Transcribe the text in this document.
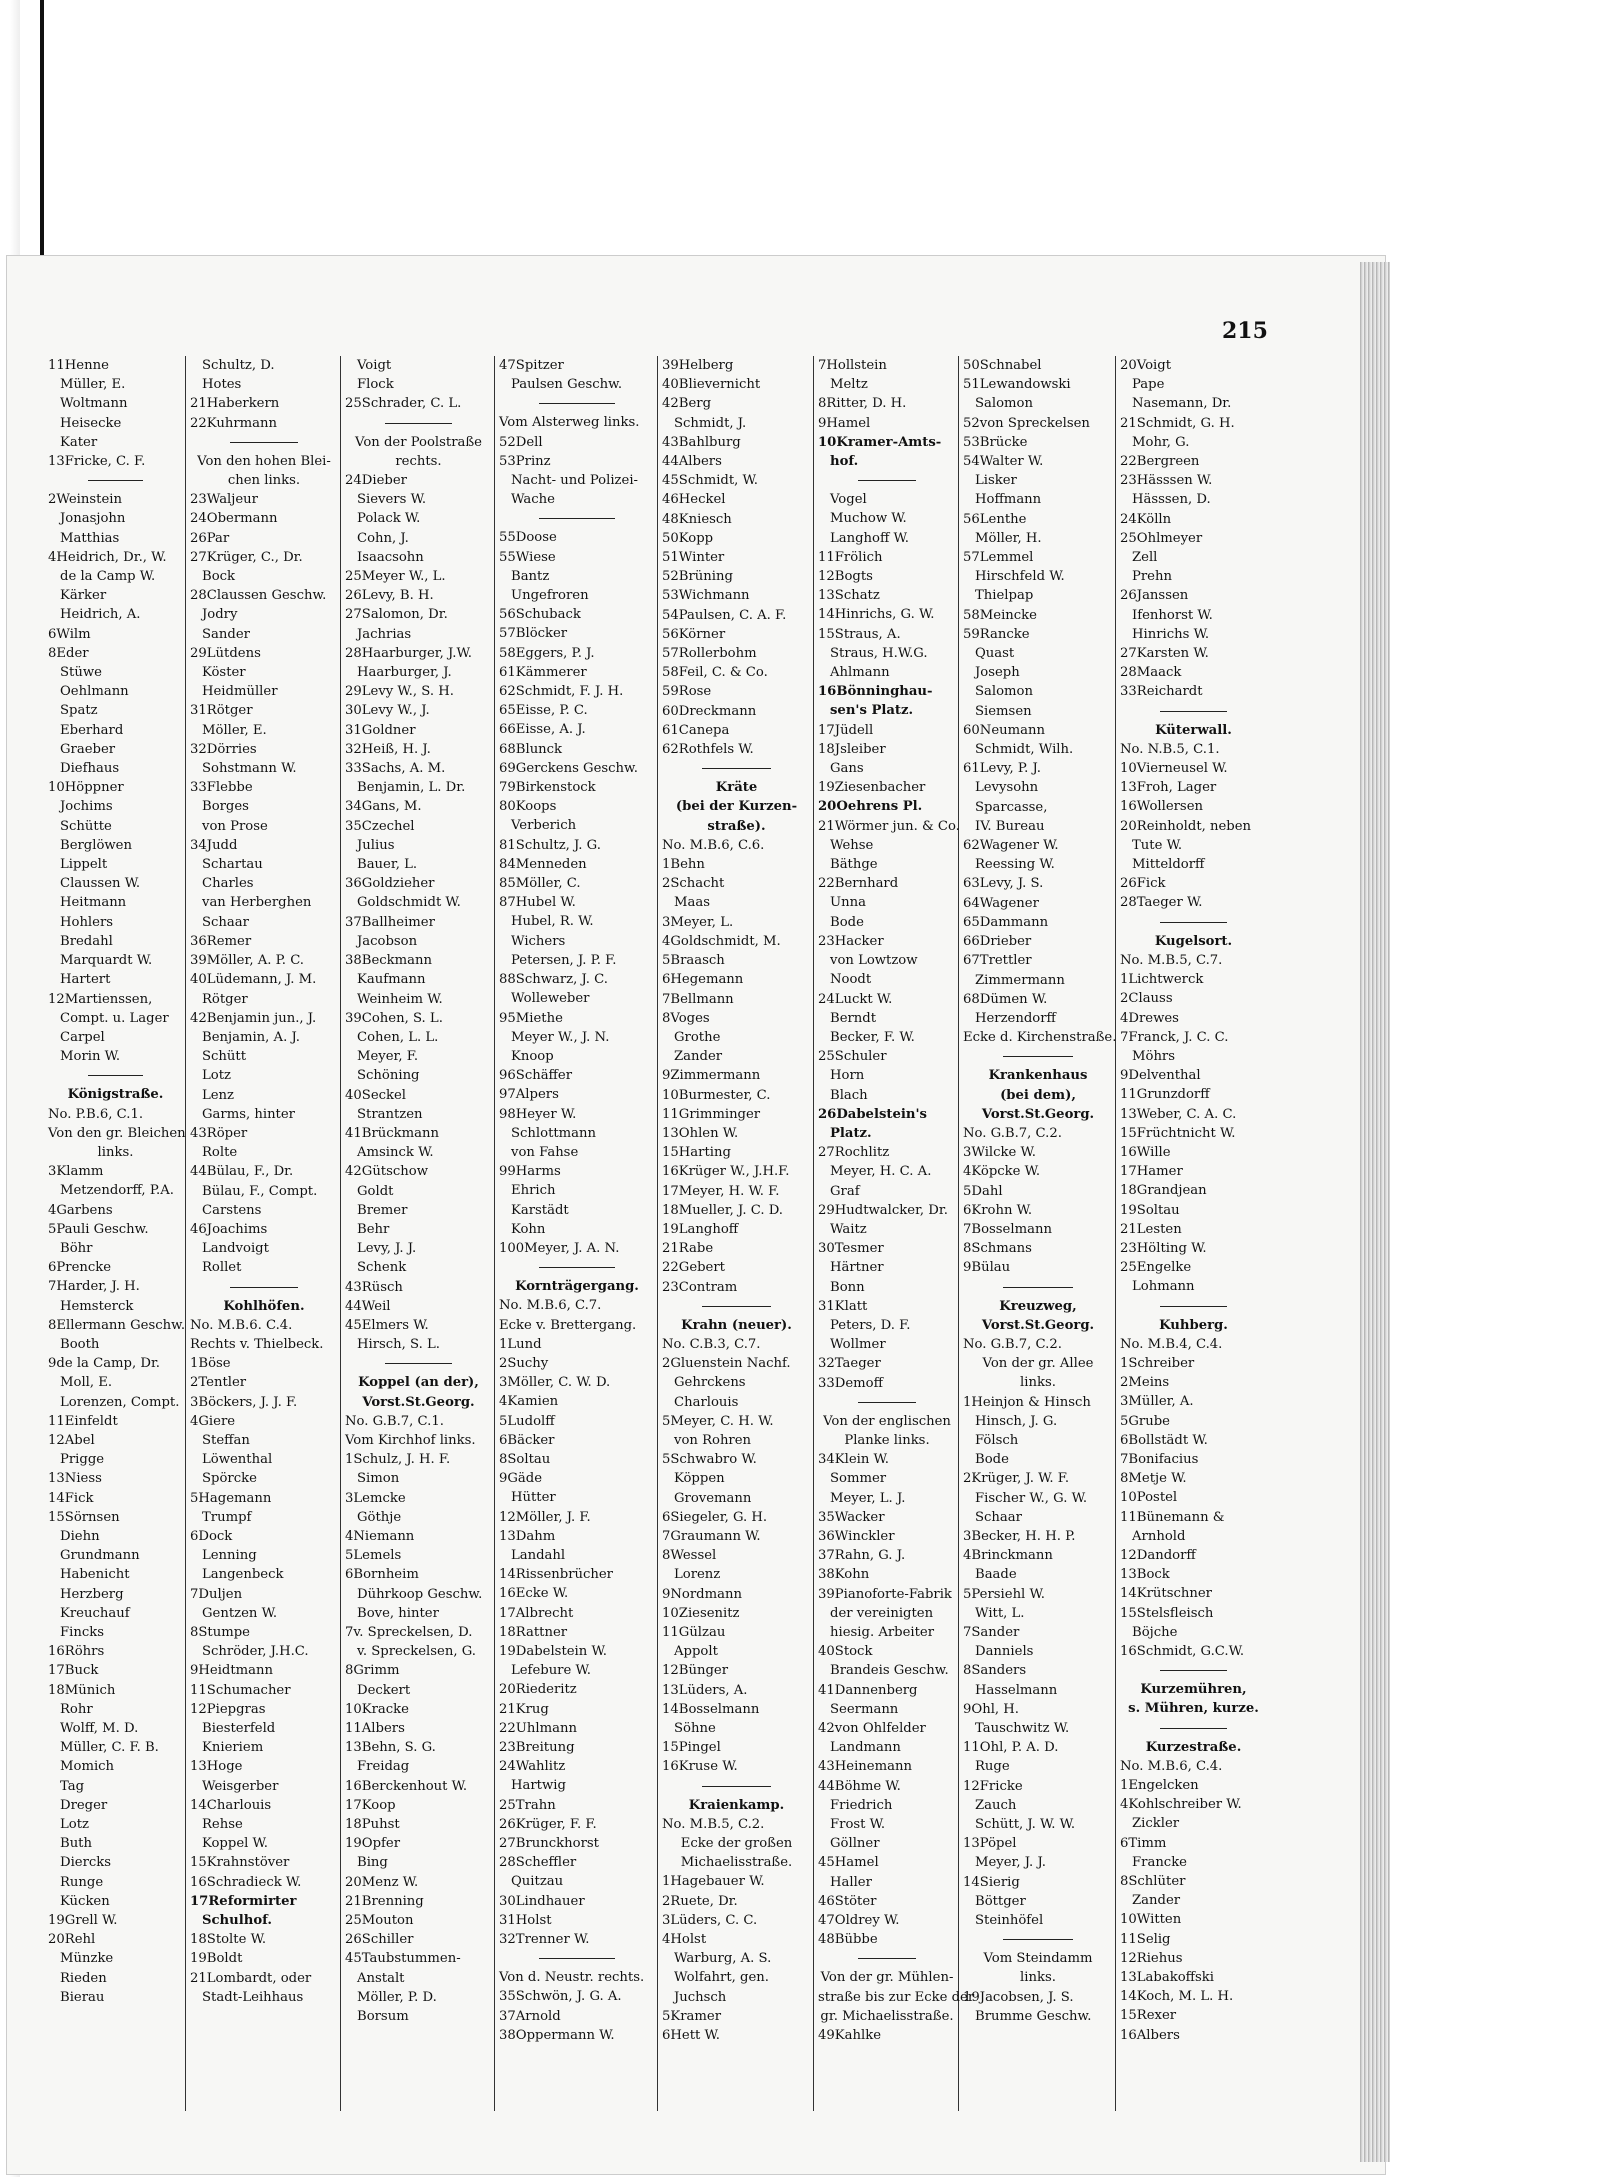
215
11Henne
Müller, E.
Woltmann
Heisecke
Kater
13Fricke, C. F.
2Weinstein
Jonasjohn
Matthias
4Heidrich, Dr., W.
de la Camp W.
Kärker
Heidrich, A.
6Wilm
8Eder
Stüwe
Oehlmann
Spatz
Eberhard
Graeber
Diefhaus
10Höppner
Jochims
Schütte
Berglöwen
Lippelt
Claussen W.
Heitmann
Hohlers
Bredahl
Marquardt W.
Hartert
12Martienssen,
Compt. u. Lager
Carpel
Morin W.
Königstraße.
No. P.B.6, C.1.
Von den gr. Bleichen
links.
3Klamm
Metzendorff, P.A.
4Garbens
5Pauli Geschw.
Böhr
6Prencke
7Harder, J. H.
Hemsterck
8Ellermann Geschw.
Booth
9de la Camp, Dr.
Moll, E.
Lorenzen, Compt.
11Einfeldt
12Abel
Prigge
13Niess
14Fick
15Sörnsen
Diehn
Grundmann
Habenicht
Herzberg
Kreuchauf
Fincks
16Röhrs
17Buck
18Münich
Rohr
Wolff, M. D.
Müller, C. F. B.
Momich
Tag
Dreger
Lotz
Buth
Diercks
Runge
Kücken
19Grell W.
20Rehl
Münzke
Rieden
Bierau
Schultz, D.
Hotes
21Haberkern
22Kuhrmann
Von den hohen Blei-
chen links.
23Waljeur
24Obermann
26Par
27Krüger, C., Dr.
Bock
28Claussen Geschw.
Jodry
Sander
29Lütdens
Köster
Heidmüller
31Rötger
Möller, E.
32Dörries
Sohstmann W.
33Flebbe
Borges
von Prose
34Judd
Schartau
Charles
van Herberghen
Schaar
36Remer
39Möller, A. P. C.
40Lüdemann, J. M.
Rötger
42Benjamin jun., J.
Benjamin, A. J.
Schütt
Lotz
Lenz
Garms, hinter
43Röper
Rolte
44Bülau, F., Dr.
Bülau, F., Compt.
Carstens
46Joachims
Landvoigt
Rollet
Kohlhöfen.
No. M.B.6. C.4.
Rechts v. Thielbeck.
1Böse
2Tentler
3Böckers, J. J. F.
4Giere
Steffan
Löwenthal
Spörcke
5Hagemann
Trumpf
6Dock
Lenning
Langenbeck
7Duljen
Gentzen W.
8Stumpe
Schröder, J.H.C.
9Heidtmann
11Schumacher
12Piepgras
Biesterfeld
Knieriem
13Hoge
Weisgerber
14Charlouis
Rehse
Koppel W.
15Krahnstöver
16Schradieck W.
17Reformirter
Schulhof.
18Stolte W.
19Boldt
21Lombardt, oder
Stadt-Leihhaus
Voigt
Flock
25Schrader, C. L.
Von der Poolstraße
rechts.
24Dieber
Sievers W.
Polack W.
Cohn, J.
Isaacsohn
25Meyer W., L.
26Levy, B. H.
27Salomon, Dr.
Jachrias
28Haarburger, J.W.
Haarburger, J.
29Levy W., S. H.
30Levy W., J.
31Goldner
32Heiß, H. J.
33Sachs, A. M.
Benjamin, L. Dr.
34Gans, M.
35Czechel
Julius
Bauer, L.
36Goldzieher
Goldschmidt W.
37Ballheimer
Jacobson
38Beckmann
Kaufmann
Weinheim W.
39Cohen, S. L.
Cohen, L. L.
Meyer, F.
Schöning
40Seckel
Strantzen
41Brückmann
Amsinck W.
42Gütschow
Goldt
Bremer
Behr
Levy, J. J.
Schenk
43Rüsch
44Weil
45Elmers W.
Hirsch, S. L.
Koppel (an der),
Vorst.St.Georg.
No. G.B.7, C.1.
Vom Kirchhof links.
1Schulz, J. H. F.
Simon
3Lemcke
Göthje
4Niemann
5Lemels
6Bornheim
Dührkoop Geschw.
Bove, hinter
7v. Spreckelsen, D.
v. Spreckelsen, G.
8Grimm
Deckert
10Kracke
11Albers
13Behn, S. G.
Freidag
16Berckenhout W.
17Koop
18Puhst
19Opfer
Bing
20Menz W.
21Brenning
25Mouton
26Schiller
45Taubstummen-
Anstalt
Möller, P. D.
Borsum
47Spitzer
Paulsen Geschw.
Vom Alsterweg links.
52Dell
53Prinz
Nacht- und Polizei-
Wache
55Doose
55Wiese
Bantz
Ungefroren
56Schuback
57Blöcker
58Eggers, P. J.
61Kämmerer
62Schmidt, F. J. H.
65Eisse, P. C.
66Eisse, A. J.
68Blunck
69Gerckens Geschw.
79Birkenstock
80Koops
Verberich
81Schultz, J. G.
84Menneden
85Möller, C.
87Hubel W.
Hubel, R. W.
Wichers
Petersen, J. P. F.
88Schwarz, J. C.
Wolleweber
95Miethe
Meyer W., J. N.
Knoop
96Schäffer
97Alpers
98Heyer W.
Schlottmann
von Fahse
99Harms
Ehrich
Karstädt
Kohn
100Meyer, J. A. N.
Kornträgergang.
No. M.B.6, C.7.
Ecke v. Brettergang.
1Lund
2Suchy
3Möller, C. W. D.
4Kamien
5Ludolff
6Bäcker
8Soltau
9Gäde
Hütter
12Möller, J. F.
13Dahm
Landahl
14Rissenbrücher
16Ecke W.
17Albrecht
18Rattner
19Dabelstein W.
Lefebure W.
20Riederitz
21Krug
22Uhlmann
23Breitung
24Wahlitz
Hartwig
25Trahn
26Krüger, F. F.
27Brunckhorst
28Scheffler
Quitzau
30Lindhauer
31Holst
32Trenner W.
Von d. Neustr. rechts.
35Schwön, J. G. A.
37Arnold
38Oppermann W.
39Helberg
40Blievernicht
42Berg
Schmidt, J.
43Bahlburg
44Albers
45Schmidt, W.
46Heckel
48Kniesch
50Kopp
51Winter
52Brüning
53Wichmann
54Paulsen, C. A. F.
56Körner
57Rollerbohm
58Feil, C. & Co.
59Rose
60Dreckmann
61Canepa
62Rothfels W.
Kräte
(bei der Kurzen-
straße).
No. M.B.6, C.6.
1Behn
2Schacht
Maas
3Meyer, L.
4Goldschmidt, M.
5Braasch
6Hegemann
7Bellmann
8Voges
Grothe
Zander
9Zimmermann
10Burmester, C.
11Grimminger
13Ohlen W.
15Harting
16Krüger W., J.H.F.
17Meyer, H. W. F.
18Mueller, J. C. D.
19Langhoff
21Rabe
22Gebert
23Contram
Krahn (neuer).
No. C.B.3, C.7.
2Gluenstein Nachf.
Gehrckens
Charlouis
5Meyer, C. H. W.
von Rohren
5Schwabro W.
Köppen
Grovemann
6Siegeler, G. H.
7Graumann W.
8Wessel
Lorenz
9Nordmann
10Ziesenitz
11Gülzau
Appolt
12Bünger
13Lüders, A.
14Bosselmann
Söhne
15Pingel
16Kruse W.
Kraienkamp.
No. M.B.5, C.2.
Ecke der großen
Michaelisstraße.
1Hagebauer W.
2Ruete, Dr.
3Lüders, C. C.
4Holst
Warburg, A. S.
Wolfahrt, gen.
Juchsch
5Kramer
6Hett W.
7Hollstein
Meltz
8Ritter, D. H.
9Hamel
10Kramer-Amts-
hof.
Vogel
Muchow W.
Langhoff W.
11Frölich
12Bogts
13Schatz
14Hinrichs, G. W.
15Straus, A.
Straus, H.W.G.
Ahlmann
16Bönninghau-
sen's Platz.
17Jüdell
18Jsleiber
Gans
19Ziesenbacher
20Oehrens Pl.
21Wörmer jun. & Co.
Wehse
Bäthge
22Bernhard
Unna
Bode
23Hacker
von Lowtzow
Noodt
24Luckt W.
Berndt
Becker, F. W.
25Schuler
Horn
Blach
26Dabelstein's
Platz.
27Rochlitz
Meyer, H. C. A.
Graf
29Hudtwalcker, Dr.
Waitz
30Tesmer
Härtner
Bonn
31Klatt
Peters, D. F.
Wollmer
32Taeger
33Demoff
Von der englischen
Planke links.
34Klein W.
Sommer
Meyer, L. J.
35Wacker
36Winckler
37Rahn, G. J.
38Kohn
39Pianoforte-Fabrik
der vereinigten
hiesig. Arbeiter
40Stock
Brandeis Geschw.
41Dannenberg
Seermann
42von Ohlfelder
Landmann
43Heinemann
44Böhme W.
Friedrich
Frost W.
Göllner
45Hamel
Haller
46Stöter
47Oldrey W.
48Bübbe
Von der gr. Mühlen-
straße bis zur Ecke der
gr. Michaelisstraße.
49Kahlke
50Schnabel
51Lewandowski
Salomon
52von Spreckelsen
53Brücke
54Walter W.
Lisker
Hoffmann
56Lenthe
Möller, H.
57Lemmel
Hirschfeld W.
Thielpap
58Meincke
59Rancke
Quast
Joseph
Salomon
Siemsen
60Neumann
Schmidt, Wilh.
61Levy, P. J.
Levysohn
Sparcasse,
IV. Bureau
62Wagener W.
Reessing W.
63Levy, J. S.
64Wagener
65Dammann
66Drieber
67Trettler
Zimmermann
68Dümen W.
Herzendorff
Ecke d. Kirchenstraße.
Krankenhaus
(bei dem),
Vorst.St.Georg.
No. G.B.7, C.2.
3Wilcke W.
4Köpcke W.
5Dahl
6Krohn W.
7Bosselmann
8Schmans
9Bülau
Kreuzweg,
Vorst.St.Georg.
No. G.B.7, C.2.
Von der gr. Allee
links.
1Heinjon & Hinsch
Hinsch, J. G.
Fölsch
Bode
2Krüger, J. W. F.
Fischer W., G. W.
Schaar
3Becker, H. H. P.
4Brinckmann
Baade
5Persiehl W.
Witt, L.
7Sander
Danniels
8Sanders
Hasselmann
9Ohl, H.
Tauschwitz W.
11Ohl, P. A. D.
Ruge
12Fricke
Zauch
Schütt, J. W. W.
13Pöpel
Meyer, J. J.
14Sierig
Böttger
Steinhöfel
Vom Steindamm
links.
19Jacobsen, J. S.
Brumme Geschw.
20Voigt
Pape
Nasemann, Dr.
21Schmidt, G. H.
Mohr, G.
22Bergreen
23Hässsen W.
Hässsen, D.
24Kölln
25Ohlmeyer
Zell
Prehn
26Janssen
Ifenhorst W.
Hinrichs W.
27Karsten W.
28Maack
33Reichardt
Küterwall.
No. N.B.5, C.1.
10Vierneusel W.
13Froh, Lager
16Wollersen
20Reinholdt, neben
Tute W.
Mitteldorff
26Fick
28Taeger W.
Kugelsort.
No. M.B.5, C.7.
1Lichtwerck
2Clauss
4Drewes
7Franck, J. C. C.
Möhrs
9Delventhal
11Grunzdorff
13Weber, C. A. C.
15Früchtnicht W.
16Wille
17Hamer
18Grandjean
19Soltau
21Lesten
23Hölting W.
25Engelke
Lohmann
Kuhberg.
No. M.B.4, C.4.
1Schreiber
2Meins
3Müller, A.
5Grube
6Bollstädt W.
7Bonifacius
8Metje W.
10Postel
11Bünemann &
Arnhold
12Dandorff
13Bock
14Krütschner
15Stelsfleisch
Böjche
16Schmidt, G.C.W.
Kurzemühren,
s. Mühren, kurze.
Kurzestraße.
No. M.B.6, C.4.
1Engelcken
4Kohlschreiber W.
Zickler
6Timm
Francke
8Schlüter
Zander
10Witten
11Selig
12Riehus
13Labakoffski
14Koch, M. L. H.
15Rexer
16Albers
